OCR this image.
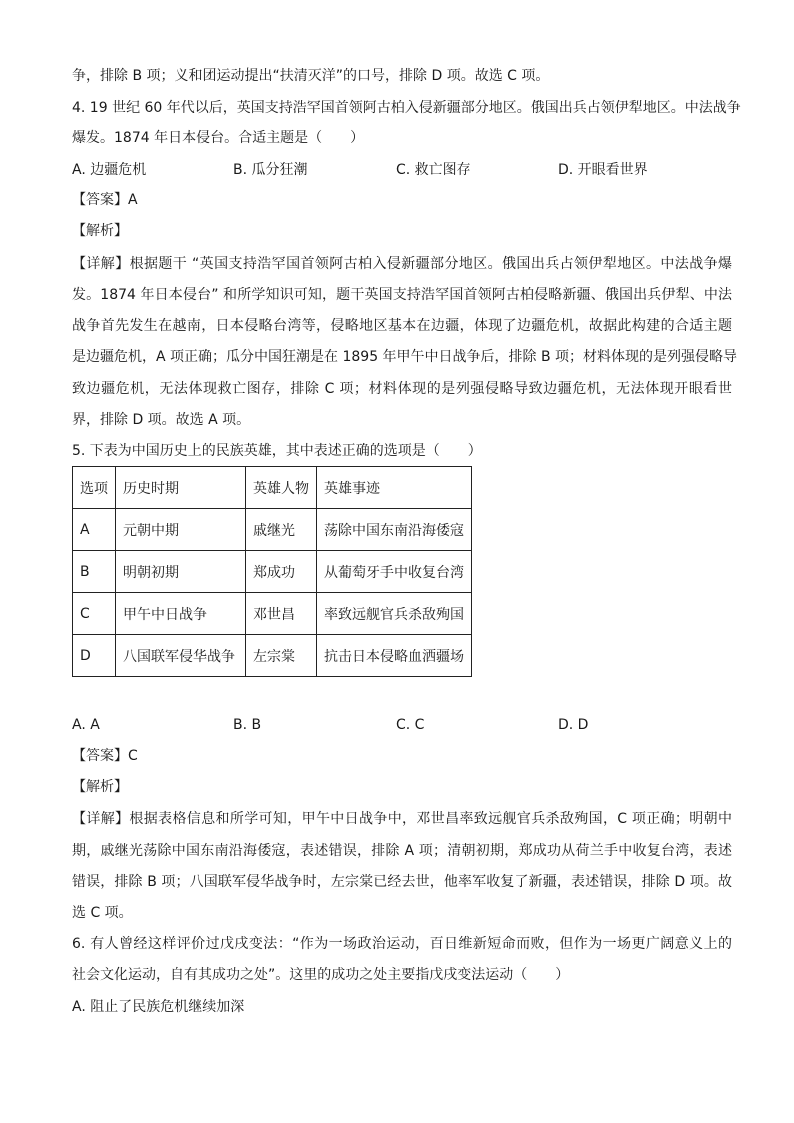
争，排除 B 项；义和团运动提出“扶清灭洋”的口号，排除 D 项。故选 C 项。
4. 19 世纪 60 年代以后，英国支持浩罕国首领阿古柏入侵新疆部分地区。俄国出兵占领伊犁地区。中法战争
爆发。1874 年日本侵台。合适主题是（　　）
A. 边疆危机	B. 瓜分狂潮	C. 救亡图存	D. 开眼看世界
【答案】A
【解析】
【详解】根据题干 “英国支持浩罕国首领阿古柏入侵新疆部分地区。俄国出兵占领伊犁地区。中法战争爆
发。1874 年日本侵台” 和所学知识可知，题干英国支持浩罕国首领阿古柏侵略新疆、俄国出兵伊犁、中法
战争首先发生在越南，日本侵略台湾等，侵略地区基本在边疆，体现了边疆危机，故据此构建的合适主题
是边疆危机，A 项正确；瓜分中国狂潮是在 1895 年甲午中日战争后，排除 B 项；材料体现的是列强侵略导
致边疆危机，无法体现救亡图存，排除 C 项；材料体现的是列强侵略导致边疆危机，无法体现开眼看世
界，排除 D 项。故选 A 项。
5. 下表为中国历史上的民族英雄，其中表述正确的选项是（　　）
选项	历史时期	英雄人物	英雄事迹
A	元朝中期	戚继光	荡除中国东南沿海倭寇
B	明朝初期	郑成功	从葡萄牙手中收复台湾
C	甲午中日战争	邓世昌	率致远舰官兵杀敌殉国
D	八国联军侵华战争	左宗棠	抗击日本侵略血洒疆场
A. A	B. B	C. C	D. D
【答案】C
【解析】
【详解】根据表格信息和所学可知，甲午中日战争中，邓世昌率致远舰官兵杀敌殉国，C 项正确；明朝中
期，戚继光荡除中国东南沿海倭寇，表述错误，排除 A 项；清朝初期，郑成功从荷兰手中收复台湾，表述
错误，排除 B 项；八国联军侵华战争时，左宗棠已经去世，他率军收复了新疆，表述错误，排除 D 项。故
选 C 项。
6. 有人曾经这样评价过戊戌变法：“作为一场政治运动，百日维新短命而败，但作为一场更广阔意义上的
社会文化运动，自有其成功之处”。这里的成功之处主要指戊戌变法运动（　　）
A. 阻止了民族危机继续加深
